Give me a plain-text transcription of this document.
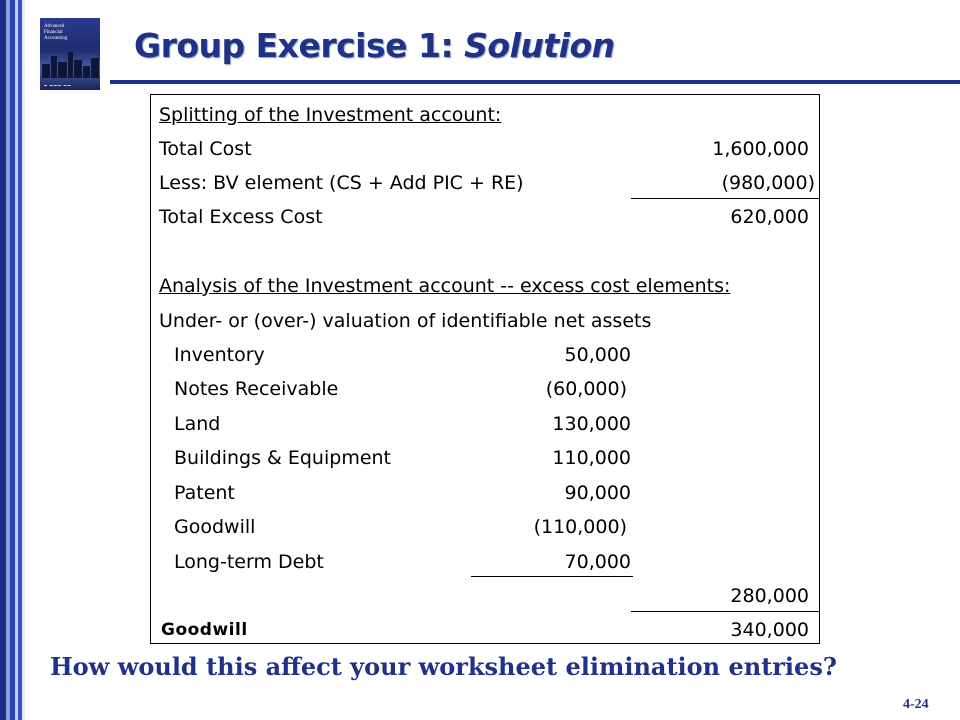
Advanced Financial Accounting
▬ ▬▬▬ ▬▬
Group Exercise 1: Solution
Splitting of the Investment account:
Total Cost	1,600,000
Less: BV element (CS + Add PIC + RE)	(980,000)
Total Excess Cost	620,000
Analysis of the Investment account -- excess cost elements:
Under- or (over-) valuation of identifiable net assets
Inventory	50,000
Notes Receivable	(60,000)
Land	130,000
Buildings & Equipment	110,000
Patent	90,000
Goodwill	(110,000)
Long-term Debt	70,000
280,000
Goodwill	340,000

How would this affect your worksheet elimination entries?

4-24
